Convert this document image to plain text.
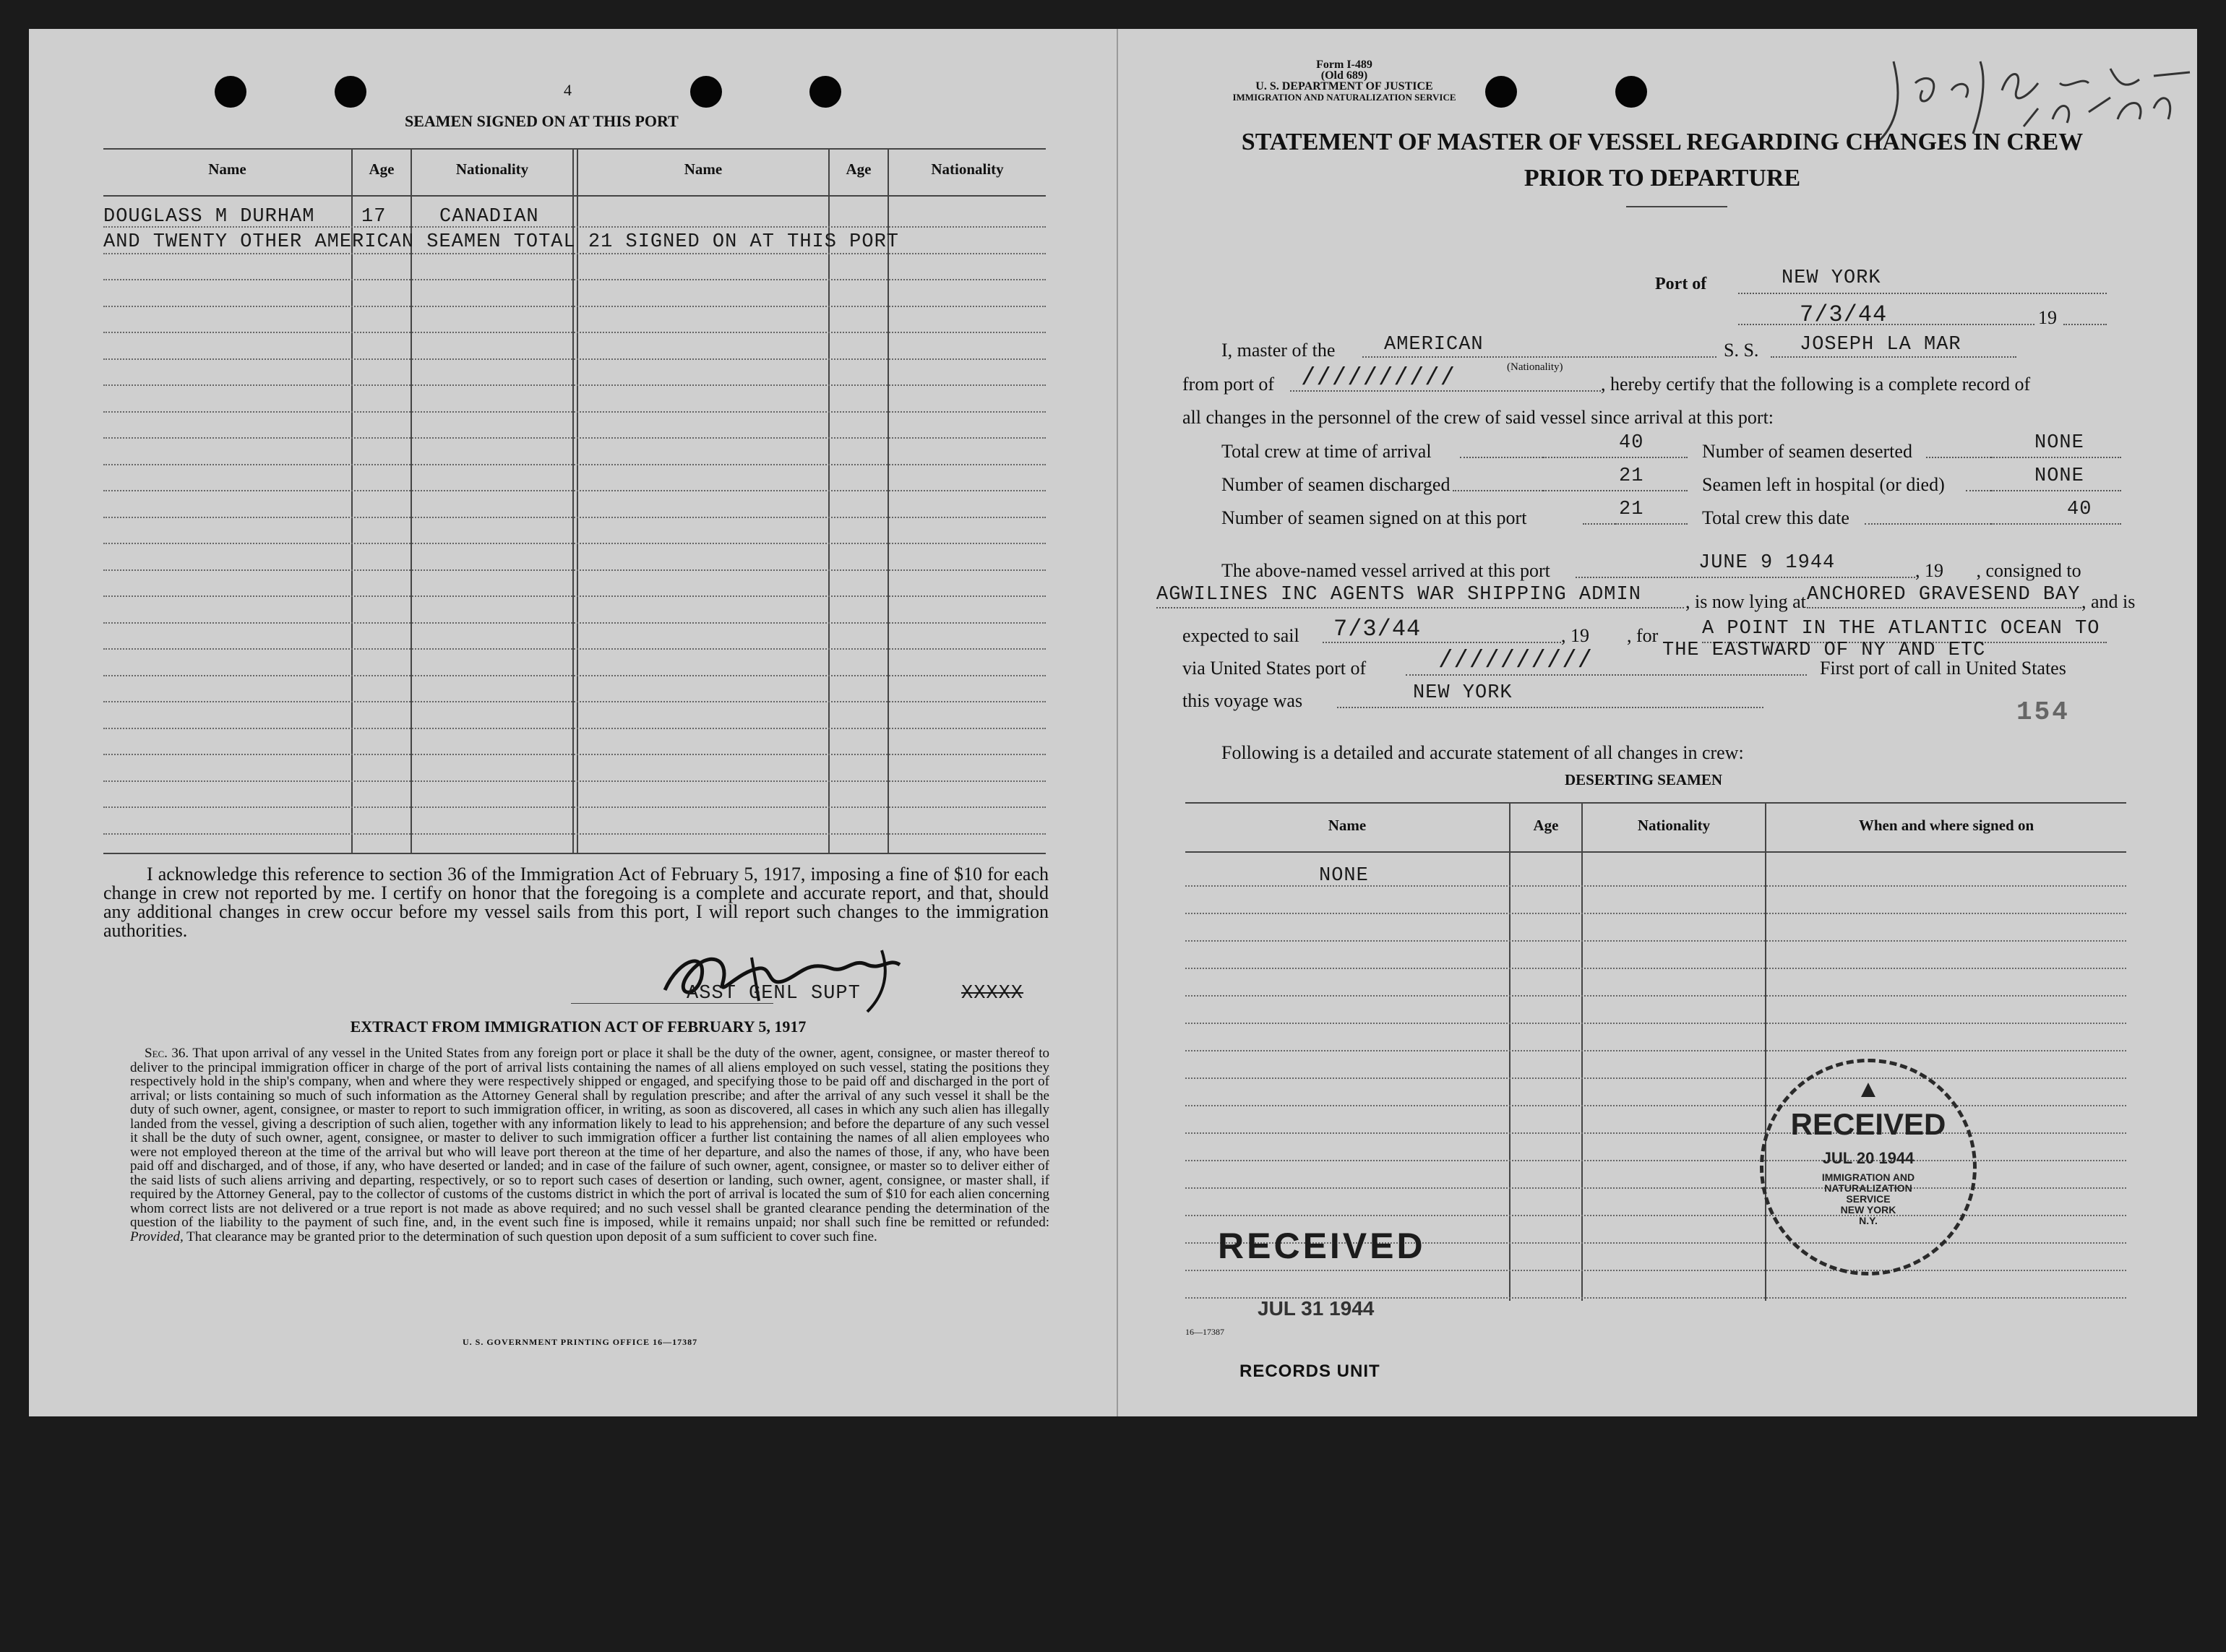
4
SEAMEN SIGNED ON AT THIS PORT
Name	Age	Nationality	Name	Age	Nationality
DOUGLASS M DURHAM 17	CANADIAN
AND TWENTY OTHER AMERICAN SEAMEN TOTAL 21 SIGNED ON AT THIS PORT
I acknowledge this reference to section 36 of the Immigration Act of February 5, 1917, imposing a fine of $10 for each change in crew not reported by me. I certify on honor that the foregoing is a complete and accurate report, and that, should any additional changes in crew occur before my vessel sails from this port, I will report such changes to the immigration authorities.
ASST GENL SUPT	XXXXX
EXTRACT FROM IMMIGRATION ACT OF FEBRUARY 5, 1917
Sec. 36. That upon arrival of any vessel in the United States from any foreign port or place it shall be the duty of the owner, agent, consignee, or master thereof to deliver to the principal immigration officer in charge of the port of arrival lists containing the names of all aliens employed on such vessel, stating the positions they respectively hold in the ship's company, when and where they were respectively shipped or engaged, and specifying those to be paid off and discharged in the port of arrival; or lists containing so much of such information as the Attorney General shall by regulation prescribe; and after the arrival of any such vessel it shall be the duty of such owner, agent, consignee, or master to report to such immigration officer, in writing, as soon as discovered, all cases in which any such alien has illegally landed from the vessel, giving a description of such alien, together with any information likely to lead to his apprehension; and before the departure of any such vessel it shall be the duty of such owner, agent, consignee, or master to deliver to such immigration officer a further list containing the names of all alien employees who were not employed thereon at the time of the arrival but who will leave port thereon at the time of her departure, and also the names of those, if any, who have been paid off and discharged, and of those, if any, who have deserted or landed; and in case of the failure of such owner, agent, consignee, or master so to deliver either of the said lists of such aliens arriving and departing, respectively, or so to report such cases of desertion or landing, such owner, agent, consignee, or master shall, if required by the Attorney General, pay to the collector of customs of the customs district in which the port of arrival is located the sum of $10 for each alien concerning whom correct lists are not delivered or a true report is not made as above required; and no such vessel shall be granted clearance pending the determination of the question of the liability to the payment of such fine, and, in the event such fine is imposed, while it remains unpaid; nor shall such fine be remitted or refunded: Provided, That clearance may be granted prior to the determination of such question upon deposit of a sum sufficient to cover such fine.
U. S. GOVERNMENT PRINTING OFFICE 16—17387
Form I-489
(Old 689)
U. S. DEPARTMENT OF JUSTICE
IMMIGRATION AND NATURALIZATION SERVICE
STATEMENT OF MASTER OF VESSEL REGARDING CHANGES IN CREW
PRIOR TO DEPARTURE
Port of	NEW YORK
7/3/44	19
I, master of the	AMERICAN
(Nationality)
S. S. JOSEPH LA MAR
from port of //////////	, hereby certify that the following is a complete record of
all changes in the personnel of the crew of said vessel since arrival at this port:
Total crew at time of arrival	40
Number of seamen discharged	21
Number of seamen signed on at this port	21
Number of seamen deserted	NONE
Seamen left in hospital (or died)	NONE
Total crew this date	40
The above-named vessel arrived at this port	JUNE 9 1944	, 19       , consigned to
AGWILINES INC AGENTS WAR SHIPPING ADMIN , is now lying at ANCHORED GRAVESEND BAY , and is
expected to sail 7/3/44	, 19        , for A POINT IN THE ATLANTIC OCEAN TO
THE EASTWARD OF NY AND ETC
via United States port of	//////////	First port of call in United States
this voyage was	NEW YORK
154
Following is a detailed and accurate statement of all changes in crew:
DESERTING SEAMEN
Name	Age	Nationality	When and where signed on
NONE
▲
RECEIVED
JUL 20 1944
IMMIGRATION AND
NATURALIZATION
SERVICE
NEW YORK
N.Y.
RECEIVED
JUL 31 1944
16—17387
RECORDS UNIT
